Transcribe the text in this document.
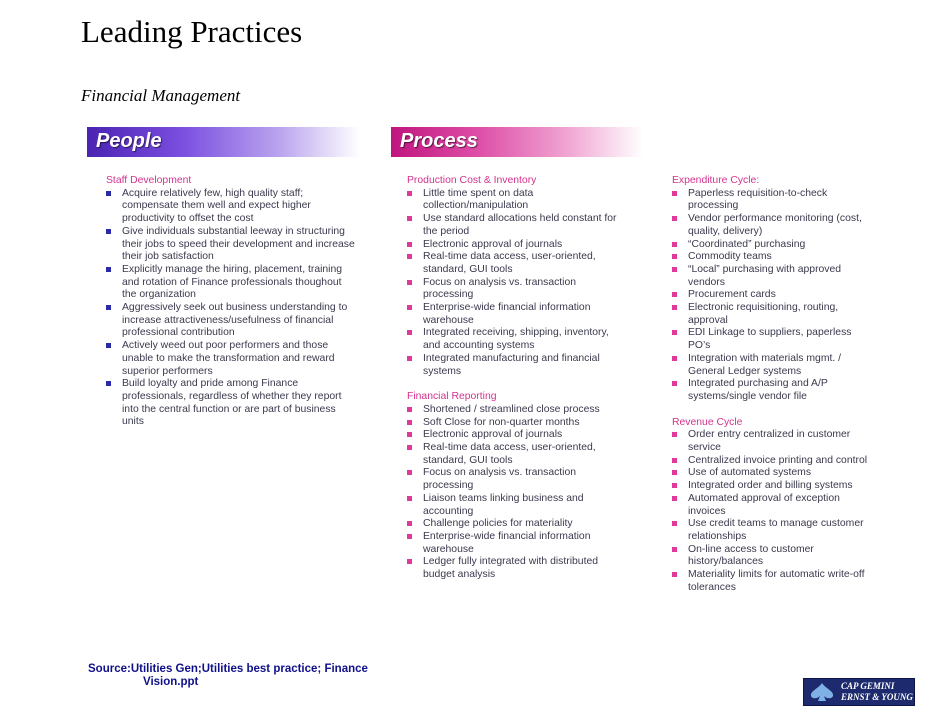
Leading Practices

Financial Management

People	Process

Staff Development

Acquire relatively few, high quality staff; compensate them well and expect higher productivity to offset the cost
Give individuals substantial leeway in structuring their jobs to speed their development and increase their job satisfaction
Explicitly manage the hiring, placement, training and rotation of Finance professionals thoughout the organization
Aggressively seek out business understanding to increase attractiveness/usefulness of financial professional contribution
Actively weed out poor performers and those unable to make the transformation and reward superior performers
Build loyalty and pride among Finance professionals, regardless of whether they report into the central function or are part of business units

Production Cost & Inventory

Little time spent on data collection/manipulation
Use standard allocations held constant for the period
Electronic approval of journals
Real-time data access, user-oriented, standard, GUI tools
Focus on analysis vs. transaction processing
Enterprise-wide financial information warehouse
Integrated receiving, shipping, inventory, and accounting systems
Integrated manufacturing and financial systems

Financial Reporting

Shortened / streamlined close process
Soft Close for non-quarter months
Electronic approval of journals
Real-time data access, user-oriented, standard, GUI tools
Focus on analysis vs. transaction processing
Liaison teams linking business and accounting
Challenge policies for materiality
Enterprise-wide financial information warehouse
Ledger fully integrated with distributed budget analysis

Expenditure Cycle:

Paperless requisition-to-check processing
Vendor performance monitoring (cost, quality, delivery)
“Coordinated” purchasing
Commodity teams
“Local” purchasing with approved vendors
Procurement cards
Electronic requisitioning, routing, approval
EDI Linkage to suppliers, paperless PO’s
Integration with materials mgmt. / General Ledger systems
Integrated purchasing and A/P systems/single vendor file

Revenue Cycle

Order entry centralized in customer service
Centralized invoice printing and control
Use of automated systems
Integrated order and billing systems
Automated approval of exception invoices
Use credit teams to manage customer relationships
On-line access to customer history/balances
Materiality limits for automatic write-off tolerances
Source:Utilities Gen;Utilities best practice; Finance
Vision.ppt	CAP GEMINI
ERNST & YOUNG
